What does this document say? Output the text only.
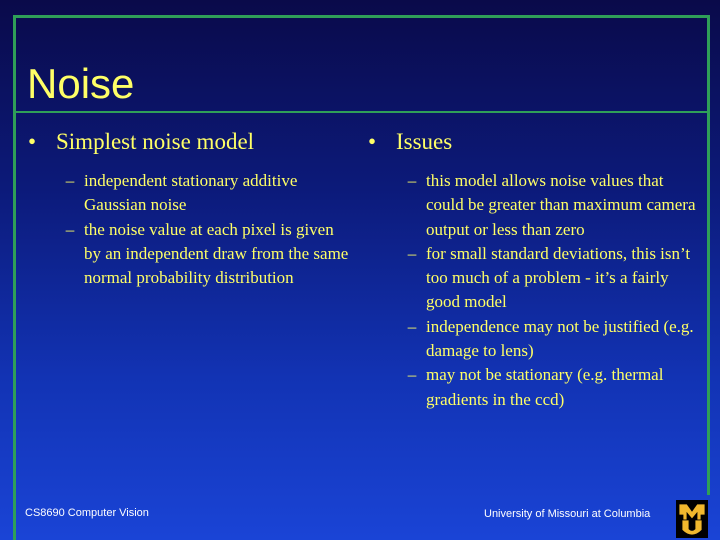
Noise
• Simplest noise model
– independent stationary additive Gaussian noise
– the noise value at each pixel is given by an independent draw from the same normal probability distribution
• Issues
– this model allows noise values that could be greater than maximum camera output or less than zero
– for small standard deviations, this isn’t too much of a problem - it’s a fairly good model
– independence may not be justified (e.g. damage to lens)
– may not be stationary (e.g. thermal gradients in the ccd)
CS8690 Computer Vision	University of Missouri at Columbia
